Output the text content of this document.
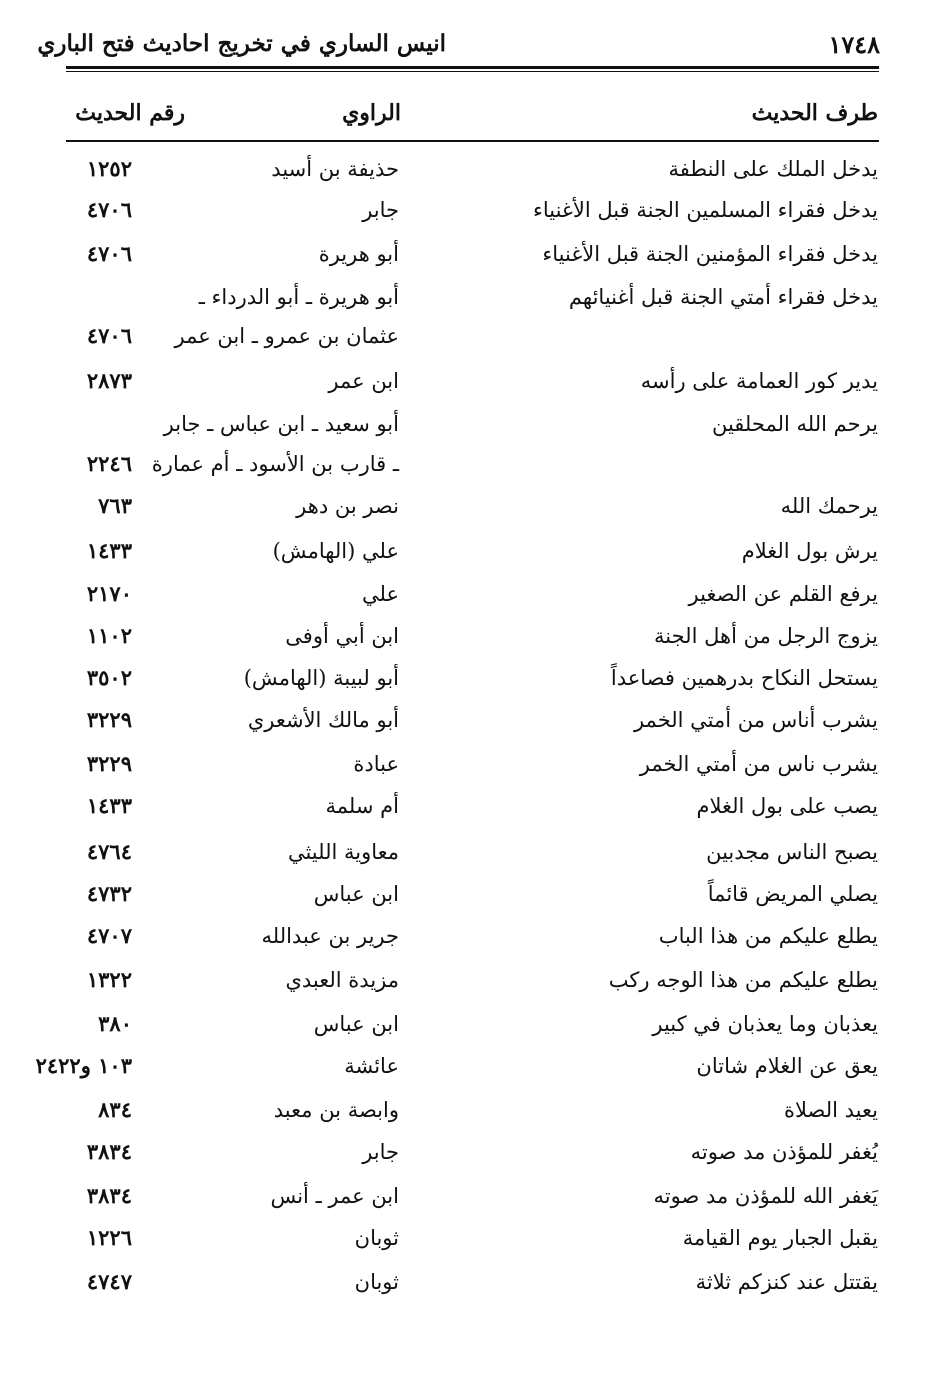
انيس الساري في تخريج احاديث فتح الباري	١٧٤٨
طرف الحديث
الراوي
رقم الحديث
يدخل الملك على النطفة
حذيفة بن أسيد
١٢٥٢
يدخل فقراء المسلمين الجنة قبل الأغنياء
جابر
٤٧٠٦
يدخل فقراء المؤمنين الجنة قبل الأغنياء
أبو هريرة
٤٧٠٦
يدخل فقراء أمتي الجنة قبل أغنيائهم
أبو هريرة ـ أبو الدرداء ـ
عثمان بن عمرو ـ ابن عمر
٤٧٠٦
يدير كور العمامة على رأسه
ابن عمر
٢٨٧٣
يرحم الله المحلقين
أبو سعيد ـ ابن عباس ـ جابر
ـ قارب بن الأسود ـ أم عمارة
٢٢٤٦
يرحمك الله
نصر بن دهر
٧٦٣
يرش بول الغلام
علي (الهامش)
١٤٣٣
يرفع القلم عن الصغير
علي
٢١٧٠
يزوج الرجل من أهل الجنة
ابن أبي أوفى
١١٠٢
يستحل النكاح بدرهمين فصاعداً
أبو لبيبة (الهامش)
٣٥٠٢
يشرب أناس من أمتي الخمر
أبو مالك الأشعري
٣٢٢٩
يشرب ناس من أمتي الخمر
عبادة
٣٢٢٩
يصب على بول الغلام
أم سلمة
١٤٣٣
يصبح الناس مجدبين
معاوية الليثي
٤٧٦٤
يصلي المريض قائماً
ابن عباس
٤٧٣٢
يطلع عليكم من هذا الباب
جرير بن عبدالله
٤٧٠٧
يطلع عليكم من هذا الوجه ركب
مزيدة العبدي
١٣٢٢
يعذبان وما يعذبان في كبير
ابن عباس
٣٨٠
يعق عن الغلام شاتان
عائشة
١٠٣ و٢٤٢٢
يعيد الصلاة
وابصة بن معبد
٨٣٤
يُغفر للمؤذن مد صوته
جابر
٣٨٣٤
يَغفر الله للمؤذن مد صوته
ابن عمر ـ أنس
٣٨٣٤
يقبل الجبار يوم القيامة
ثوبان
١٢٢٦
يقتتل عند كنزكم ثلاثة
ثوبان
٤٧٤٧
